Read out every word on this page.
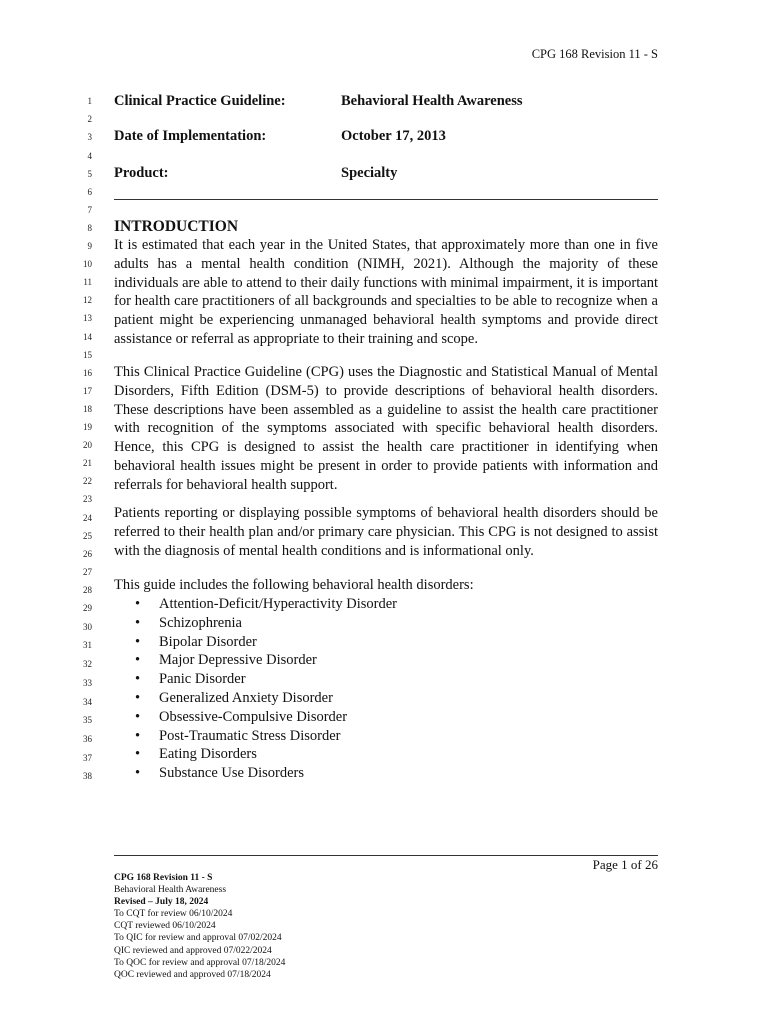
CPG 168 Revision 11 - S
1
2
3
4
5
6
7
8
9
10
11
12
13
14
15
16
17
18
19
20
21
22
23
24
25
26
27
28
29
30
31
32
33
34
35
36
37
38
Clinical Practice Guideline:	Behavioral Health Awareness
Date of Implementation:	October 17, 2013
Product:	Specialty
INTRODUCTION

It is estimated that each year in the United States, that approximately more than one in five adults has a mental health condition (NIMH, 2021). Although the majority of these individuals are able to attend to their daily functions with minimal impairment, it is important for health care practitioners of all backgrounds and specialties to be able to recognize when a patient might be experiencing unmanaged behavioral health symptoms and provide direct assistance or referral as appropriate to their training and scope.

This Clinical Practice Guideline (CPG) uses the Diagnostic and Statistical Manual of Mental Disorders, Fifth Edition (DSM-5) to provide descriptions of behavioral health disorders. These descriptions have been assembled as a guideline to assist the health care practitioner with recognition of the symptoms associated with specific behavioral health disorders. Hence, this CPG is designed to assist the health care practitioner in identifying when behavioral health issues might be present in order to provide patients with information and referrals for behavioral health support.

Patients reporting or displaying possible symptoms of behavioral health disorders should be referred to their health plan and/or primary care physician. This CPG is not designed to assist with the diagnosis of mental health conditions and is informational only.

This guide includes the following behavioral health disorders:

• Attention-Deficit/Hyperactivity Disorder
• Schizophrenia
• Bipolar Disorder
• Major Depressive Disorder
• Panic Disorder
• Generalized Anxiety Disorder
• Obsessive-Compulsive Disorder
• Post-Traumatic Stress Disorder
• Eating Disorders
• Substance Use Disorders
Page 1 of 26
CPG 168 Revision 11 - S
Behavioral Health Awareness
Revised – July 18, 2024
To CQT for review 06/10/2024
CQT reviewed 06/10/2024
To QIC for review and approval 07/02/2024
QIC reviewed and approved 07/022/2024
To QOC for review and approval 07/18/2024
QOC reviewed and approved 07/18/2024
